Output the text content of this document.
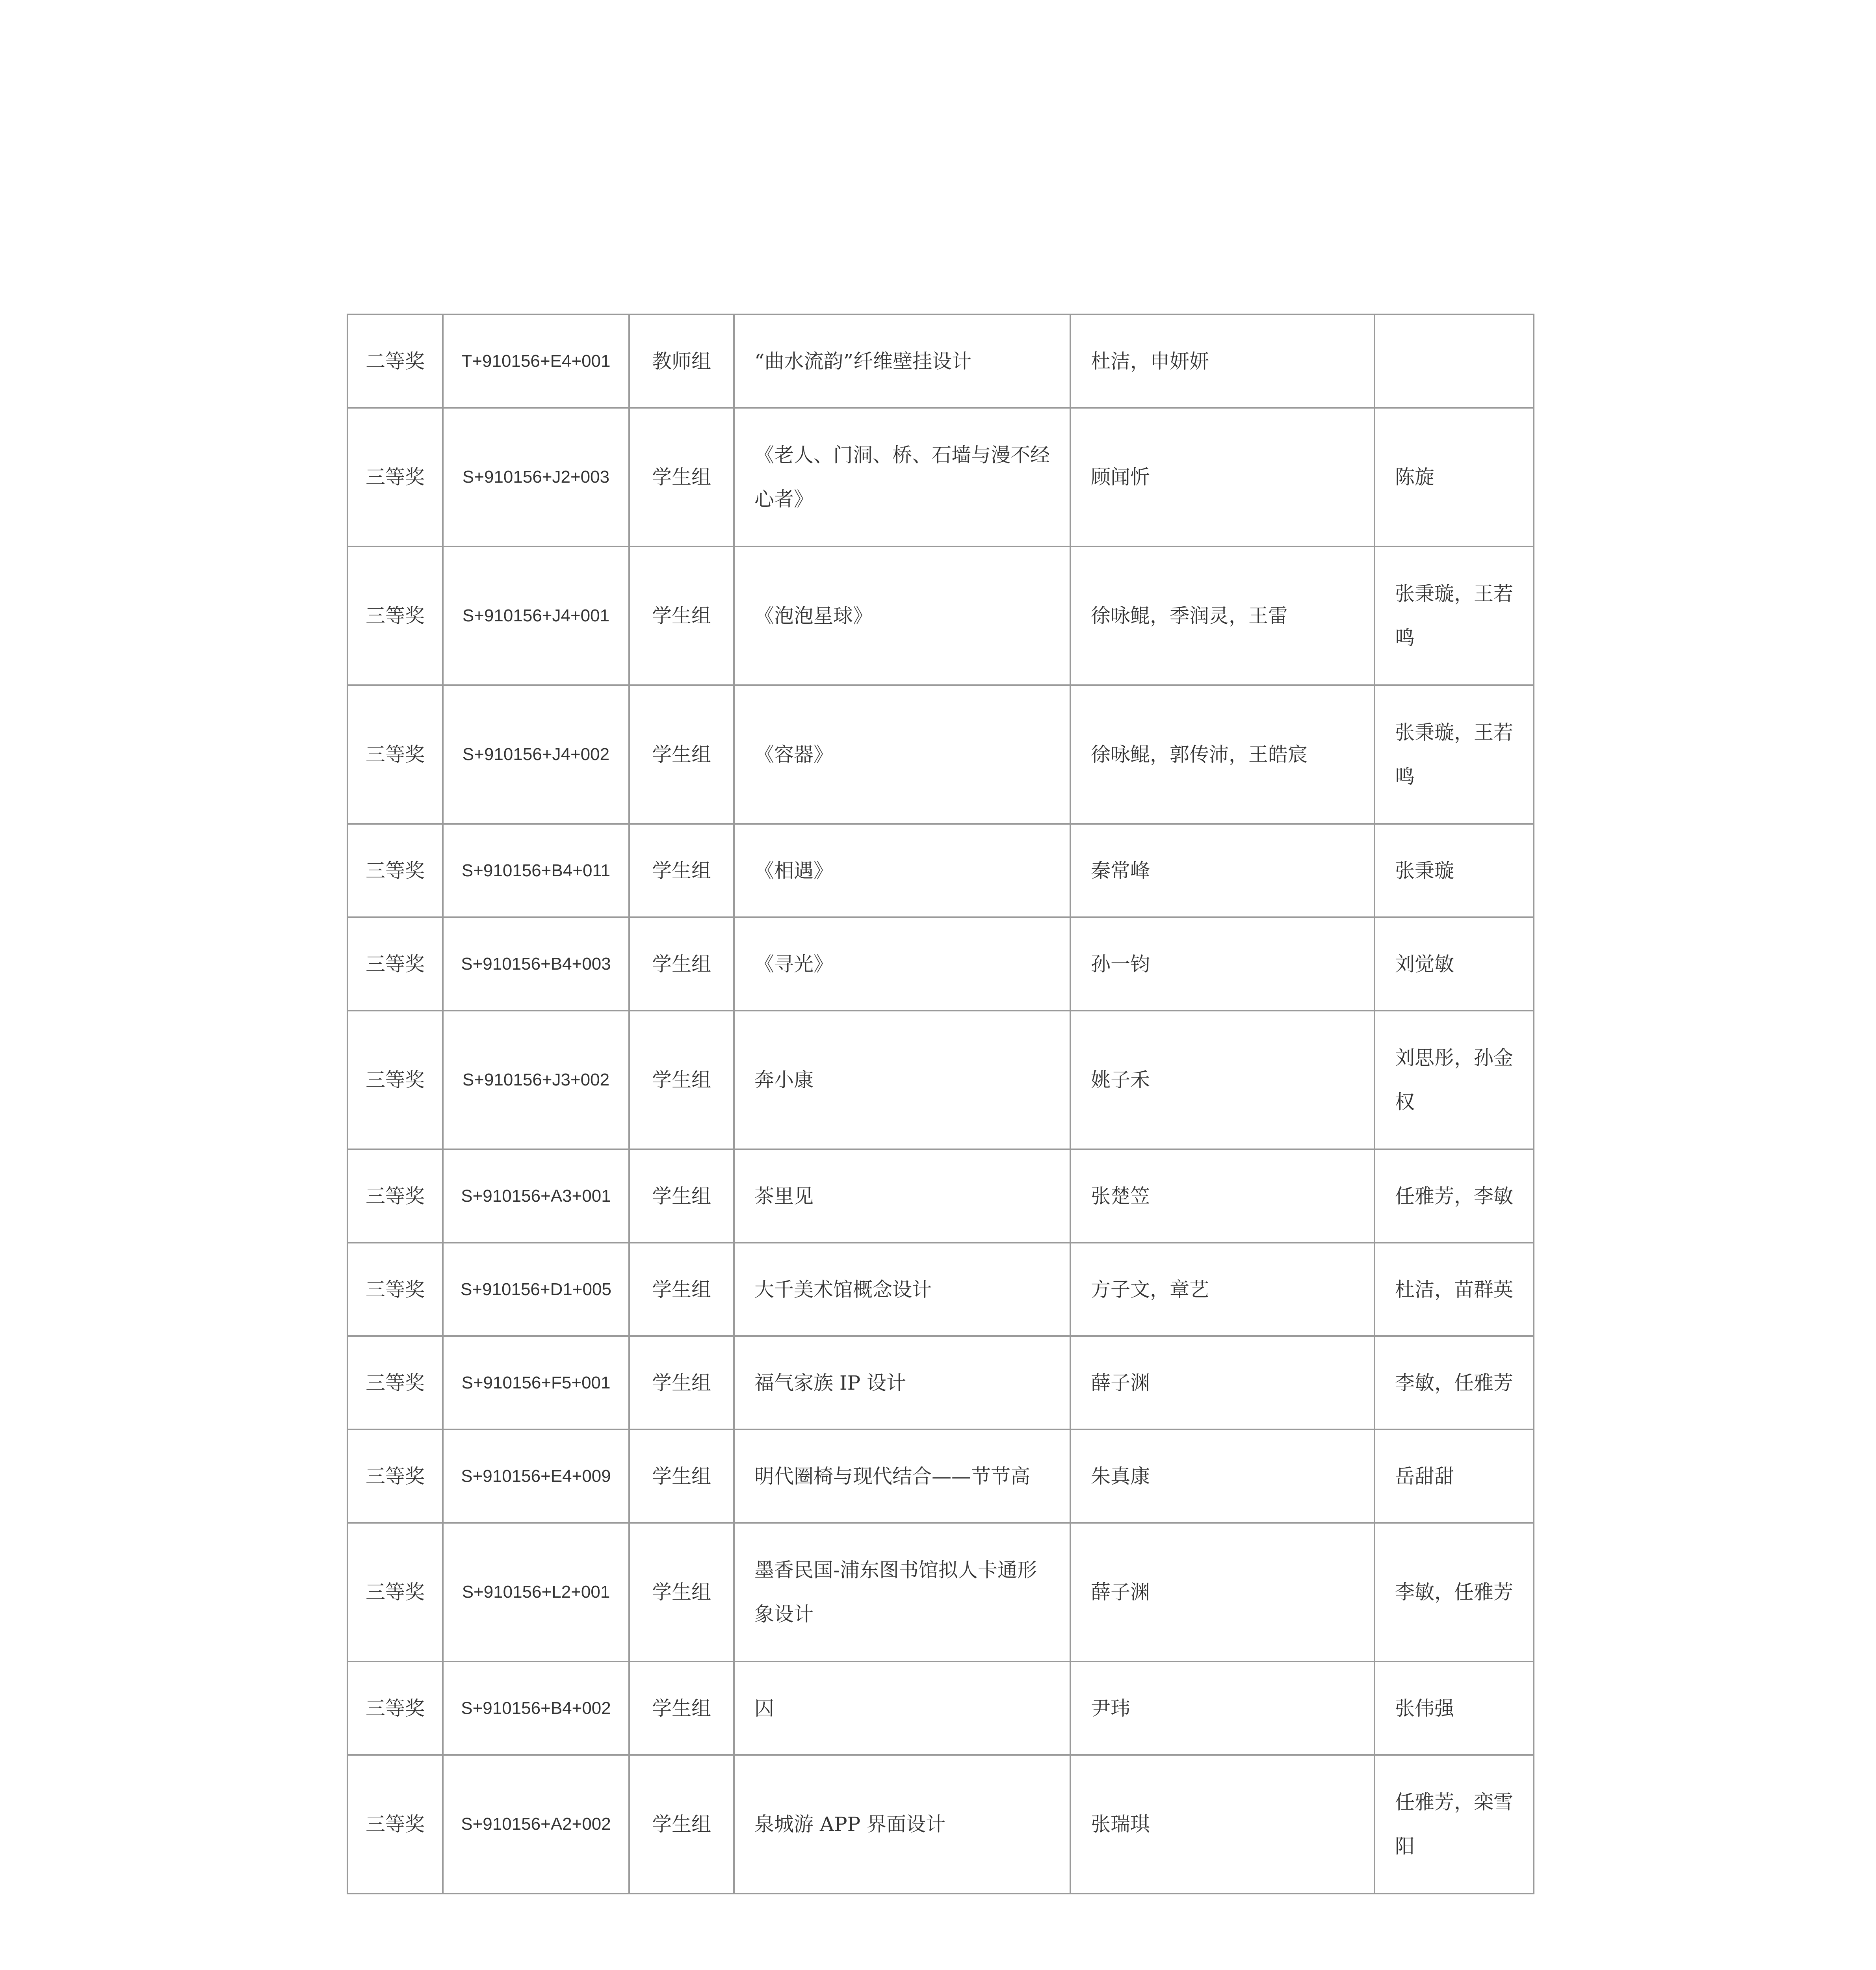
二等奖	T+910156+E4+001	教师组	“曲水流韵”纤维壁挂设计	杜洁，申妍妍	
三等奖	S+910156+J2+003	学生组	《老人、门洞、桥、石墙与漫不经心者》	顾闻忻	陈旋
三等奖	S+910156+J4+001	学生组	《泡泡星球》	徐咏鲲，季润灵，王雷	张秉璇，王若鸣
三等奖	S+910156+J4+002	学生组	《容器》	徐咏鲲，郭传沛，王皓宸	张秉璇，王若鸣
三等奖	S+910156+B4+011	学生组	《相遇》	秦常峰	张秉璇
三等奖	S+910156+B4+003	学生组	《寻光》	孙一钧	刘觉敏
三等奖	S+910156+J3+002	学生组	奔小康	姚子禾	刘思彤，孙金权
三等奖	S+910156+A3+001	学生组	茶里见	张楚笠	任雅芳，李敏
三等奖	S+910156+D1+005	学生组	大千美术馆概念设计	方子文，章艺	杜洁，苗群英
三等奖	S+910156+F5+001	学生组	福气家族 IP 设计	薛子渊	李敏，任雅芳
三等奖	S+910156+E4+009	学生组	明代圈椅与现代结合——节节高	朱真康	岳甜甜
三等奖	S+910156+L2+001	学生组	墨香民国-浦东图书馆拟人卡通形象设计	薛子渊	李敏，任雅芳
三等奖	S+910156+B4+002	学生组	囚	尹玮	张伟强
三等奖	S+910156+A2+002	学生组	泉城游 APP 界面设计	张瑞琪	任雅芳，栾雪阳
